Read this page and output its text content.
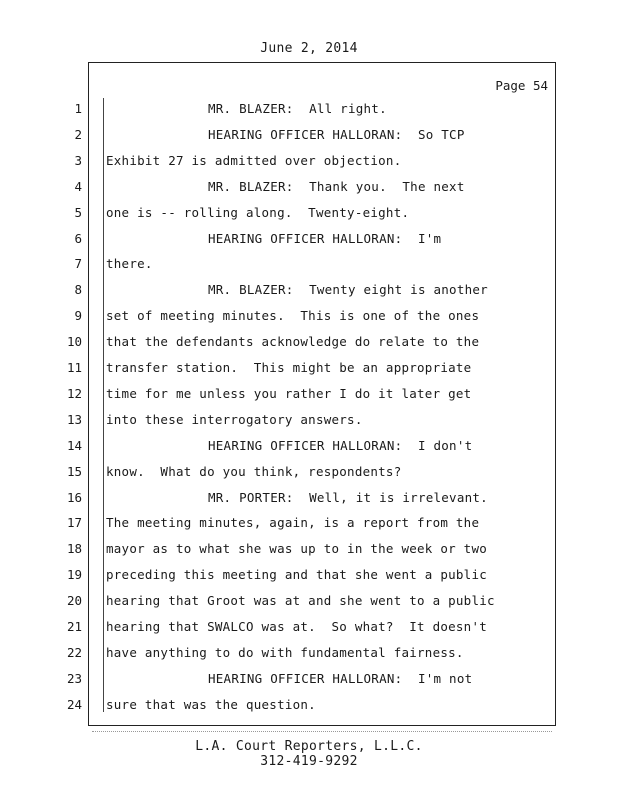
June 2, 2014
Page 54
1	MR. BLAZER:  All right.
2	HEARING OFFICER HALLORAN:  So TCP
3 Exhibit 27 is admitted over objection.
4	MR. BLAZER:  Thank you.  The next
5 one is -- rolling along.  Twenty-eight.
6	HEARING OFFICER HALLORAN:  I'm
7 there.
8	MR. BLAZER:  Twenty eight is another
9 set of meeting minutes.  This is one of the ones
10 that the defendants acknowledge do relate to the
11 transfer station.  This might be an appropriate
12 time for me unless you rather I do it later get
13 into these interrogatory answers.
14	HEARING OFFICER HALLORAN:  I don't
15 know.  What do you think, respondents?
16	MR. PORTER:  Well, it is irrelevant.
17 The meeting minutes, again, is a report from the
18 mayor as to what she was up to in the week or two
19 preceding this meeting and that she went a public
20 hearing that Groot was at and she went to a public
21 hearing that SWALCO was at.  So what?  It doesn't
22 have anything to do with fundamental fairness.
23	HEARING OFFICER HALLORAN:  I'm not
24 sure that was the question.
L.A. Court Reporters, L.L.C.
312-419-9292
